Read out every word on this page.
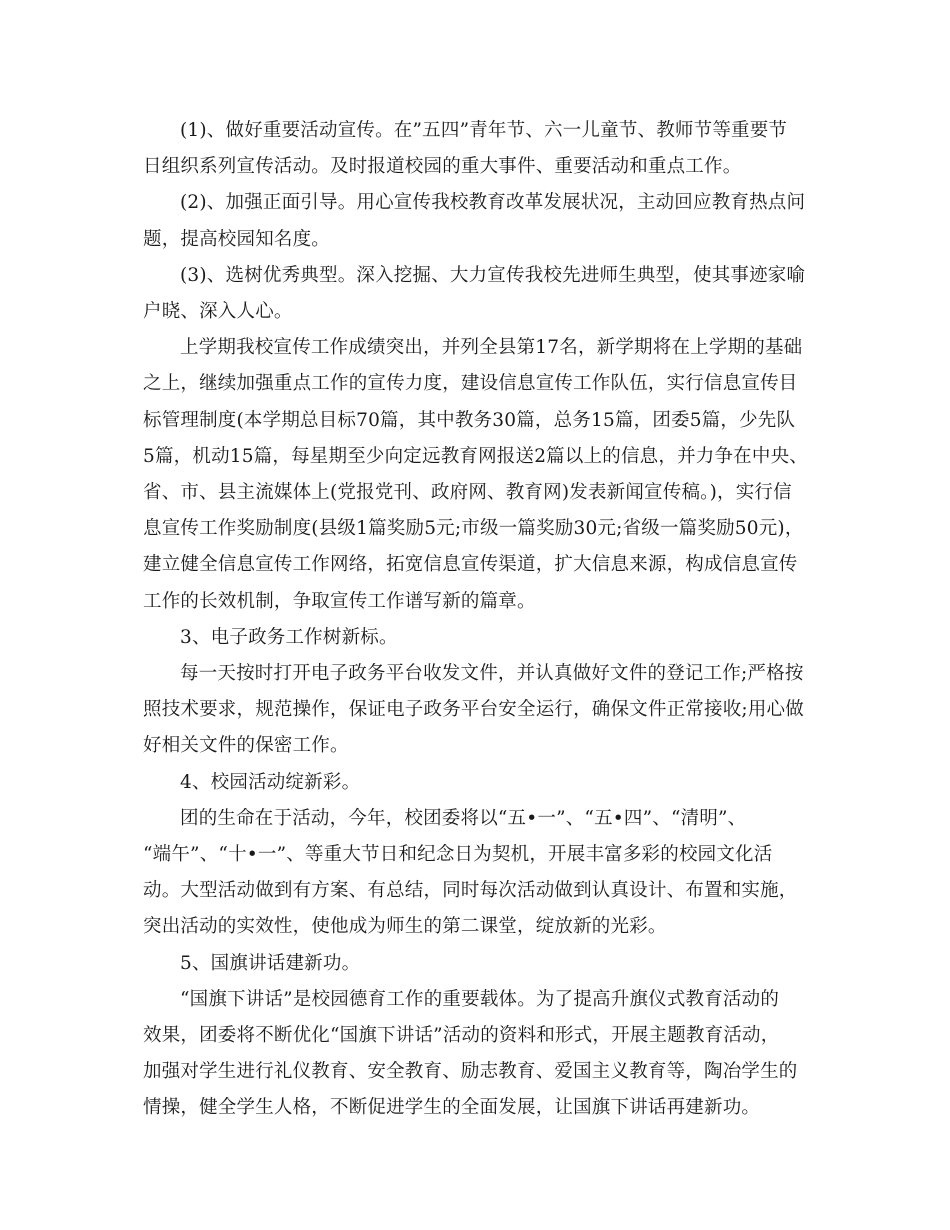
(1)、做好重要活动宣传。在”五四”青年节、六一儿童节、教师节等重要节
日组织系列宣传活动。及时报道校园的重大事件、重要活动和重点工作。

(2)、加强正面引导。用心宣传我校教育改革发展状况，主动回应教育热点问
题，提高校园知名度。

(3)、选树优秀典型。深入挖掘、大力宣传我校先进师生典型，使其事迹家喻
户晓、深入人心。

上学期我校宣传工作成绩突出，并列全县第17名，新学期将在上学期的基础
之上，继续加强重点工作的宣传力度，建设信息宣传工作队伍，实行信息宣传目
标管理制度(本学期总目标70篇，其中教务30篇，总务15篇，团委5篇，少先队
5篇，机动15篇，每星期至少向定远教育网报送2篇以上的信息，并力争在中央、
省、市、县主流媒体上(党报党刊、政府网、教育网)发表新闻宣传稿。)，实行信
息宣传工作奖励制度(县级1篇奖励5元;市级一篇奖励30元;省级一篇奖励50元)，
建立健全信息宣传工作网络，拓宽信息宣传渠道，扩大信息来源，构成信息宣传
工作的长效机制，争取宣传工作谱写新的篇章。

3、电子政务工作树新标。

每一天按时打开电子政务平台收发文件，并认真做好文件的登记工作;严格按
照技术要求，规范操作，保证电子政务平台安全运行，确保文件正常接收;用心做
好相关文件的保密工作。

4、校园活动绽新彩。

团的生命在于活动，今年，校团委将以“五•一”、“五•四”、“清明”、
“端午”、“十•一”、等重大节日和纪念日为契机，开展丰富多彩的校园文化活
动。大型活动做到有方案、有总结，同时每次活动做到认真设计、布置和实施，
突出活动的实效性，使他成为师生的第二课堂，绽放新的光彩。

5、国旗讲话建新功。

“国旗下讲话”是校园德育工作的重要载体。为了提高升旗仪式教育活动的
效果，团委将不断优化“国旗下讲话”活动的资料和形式，开展主题教育活动，
加强对学生进行礼仪教育、安全教育、励志教育、爱国主义教育等，陶冶学生的
情操，健全学生人格，不断促进学生的全面发展，让国旗下讲话再建新功。
